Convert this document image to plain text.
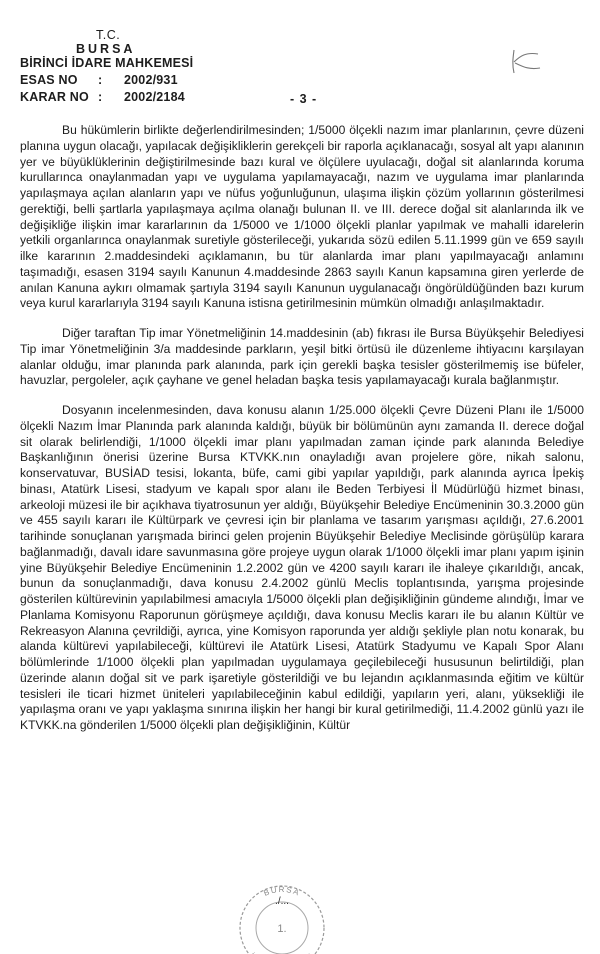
T.C.
BURSA
BİRİNCİ İDARE MAHKEMESİ
ESAS NO : 2002/931
KARAR NO : 2002/2184	- 3 -

Bu hükümlerin birlikte değerlendirilmesinden; 1/5000 ölçekli nazım imar planlarının, çevre düzeni planına uygun olacağı, yapılacak değişikliklerin gerekçeli bir raporla açıklanacağı, sosyal alt yapı alanının yer ve büyüklüklerinin değiştirilmesinde bazı kural ve ölçülere uyulacağı, doğal sit alanlarında koruma kurullarınca onaylanmadan yapı ve uygulama yapılamayacağı, nazım ve uygulama imar planlarında yapılaşmaya açılan alanların yapı ve nüfus yoğunluğunun, ulaşıma ilişkin çözüm yollarının gösterilmesi gerektiği, belli şartlarla yapılaşmaya açılma olanağı bulunan II. ve III. derece doğal sit alanlarında ilk ve değişikliğe ilişkin imar kararlarının da 1/5000 ve 1/1000 ölçekli planlar yapılmak ve mahalli idarelerin yetkili organlarınca onaylanmak suretiyle gösterileceği, yukarıda sözü edilen 5.11.1999 gün ve 659 sayılı ilke kararının 2.maddesindeki açıklamanın, bu tür alanlarda imar planı yapılmayacağı anlamını taşımadığı, esasen 3194 sayılı Kanunun 4.maddesinde 2863 sayılı Kanun kapsamına giren yerlerde de anılan Kanuna aykırı olmamak şartıyla 3194 sayılı Kanunun uygulanacağı öngörüldüğünden bazı kurum veya kurul kararlarıyla 3194 sayılı Kanuna istisna getirilmesinin mümkün olmadığı anlaşılmaktadır.

Diğer taraftan Tip imar Yönetmeliğinin 14.maddesinin (ab) fıkrası ile Bursa Büyükşehir Belediyesi Tip imar Yönetmeliğinin 3/a maddesinde parkların, yeşil bitki örtüsü ile düzenleme ihtiyacını karşılayan alanlar olduğu, imar planında park alanında, park için gerekli başka tesisler gösterilmemiş ise büfeler, havuzlar, pergoleler, açık çayhane ve genel heladan başka tesis yapılamayacağı kurala bağlanmıştır.

Dosyanın incelenmesinden, dava konusu alanın 1/25.000 ölçekli Çevre Düzeni Planı ile 1/5000 ölçekli Nazım İmar Planında park alanında kaldığı, büyük bir bölümünün aynı zamanda II. derece doğal sit olarak belirlendiği, 1/1000 ölçekli imar planı yapılmadan zaman içinde park alanında Belediye Başkanlığının önerisi üzerine Bursa KTVKK.nın onayladığı avan projelere göre, nikah salonu, konservatuvar, BUSİAD tesisi, lokanta, büfe, cami gibi yapılar yapıldığı, park alanında ayrıca İpekiş binası, Atatürk Lisesi, stadyum ve kapalı spor alanı ile Beden Terbiyesi İl Müdürlüğü hizmet binası, arkeoloji müzesi ile bir açıkhava tiyatrosunun yer aldığı, Büyükşehir Belediye Encümeninin 30.3.2000 gün ve 455 sayılı kararı ile Kültürpark ve çevresi için bir planlama ve tasarım yarışması açıldığı, 27.6.2001 tarihinde sonuçlanan yarışmada birinci gelen projenin Büyükşehir Belediye Meclisinde görüşülüp karara bağlanmadığı, davalı idare savunmasına göre projeye uygun olarak 1/1000 ölçekli imar planı yapım işinin yine Büyükşehir Belediye Encümeninin 1.2.2002 gün ve 4200 sayılı kararı ile ihaleye çıkarıldığı, ancak, bunun da sonuçlanmadığı, dava konusu 2.4.2002 günlü Meclis toplantısında, yarışma projesinde gösterilen kültürevinin yapılabilmesi amacıyla 1/5000 ölçekli plan değişikliğinin gündeme alındığı, İmar ve Planlama Komisyonu Raporunun görüşmeye açıldığı, dava konusu Meclis kararı ile bu alanın Kültür ve Rekreasyon Alanına çevrildiği, ayrıca, yine Komisyon raporunda yer aldığı şekliyle plan notu konarak, bu alanda kültürevi yapılabileceği, kültürevi ile Atatürk Lisesi, Atatürk Stadyumu ve Kapalı Spor Alanı bölümlerinde 1/1000 ölçekli plan yapılmadan uygulamaya geçilebileceği hususunun belirtildiği, plan üzerinde alanın doğal sit ve park işaretiyle gösterildiği ve bu lejandın açıklanmasında eğitim ve kültür tesisleri ile ticari hizmet üniteleri yapılabileceğinin kabul edildiği, yapıların yeri, alanı, yüksekliği ile yapılaşma oranı ve yapı yaklaşma sınırına ilişkin her hangi bir kural getirilmediği, 11.4.2002 günlü yazı ile KTVKK.na gönderilen 1/5000 ölçekli plan değişikliğinin, Kültür

BURSA
1.
./...
